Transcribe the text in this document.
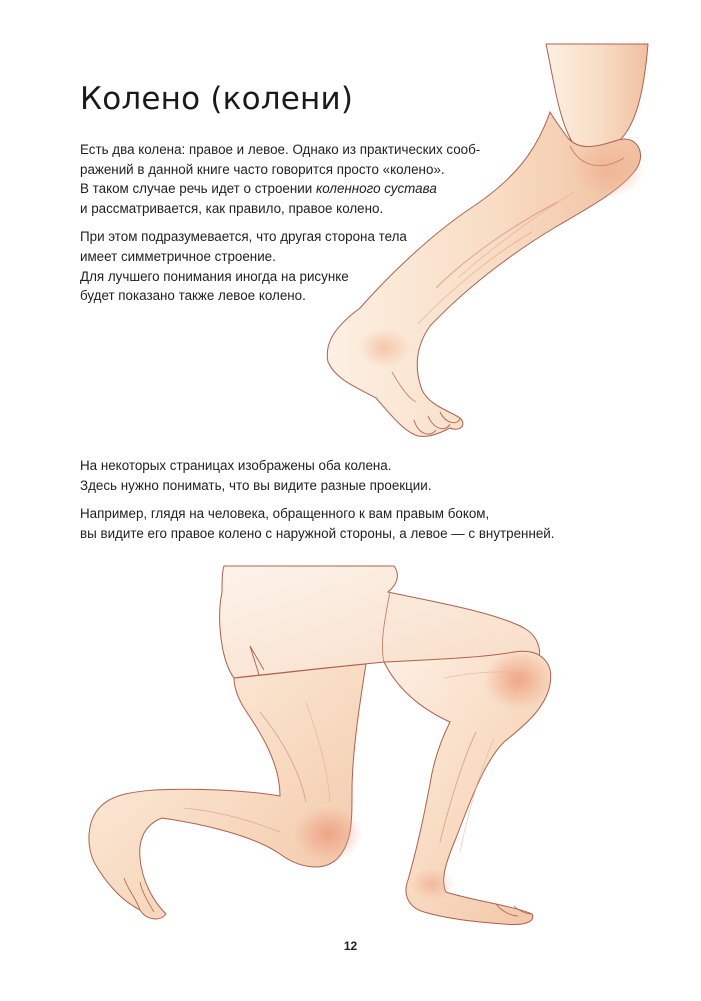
Колено (колени)

Есть два колена: правое и левое. Однако из практических сооб-
ражений в данной книге часто говорится просто «колено».
В таком случае речь идет о строении коленного сустава
и рассматривается, как правило, правое колено.

При этом подразумевается, что другая сторона тела
имеет симметричное строение.
Для лучшего понимания иногда на рисунке
будет показано также левое колено.

На некоторых страницах изображены оба колена.
Здесь нужно понимать, что вы видите разные проекции.

Например, глядя на человека, обращенного к вам правым боком,
вы видите его правое колено с наружной стороны, а левое — с внутренней.

12
